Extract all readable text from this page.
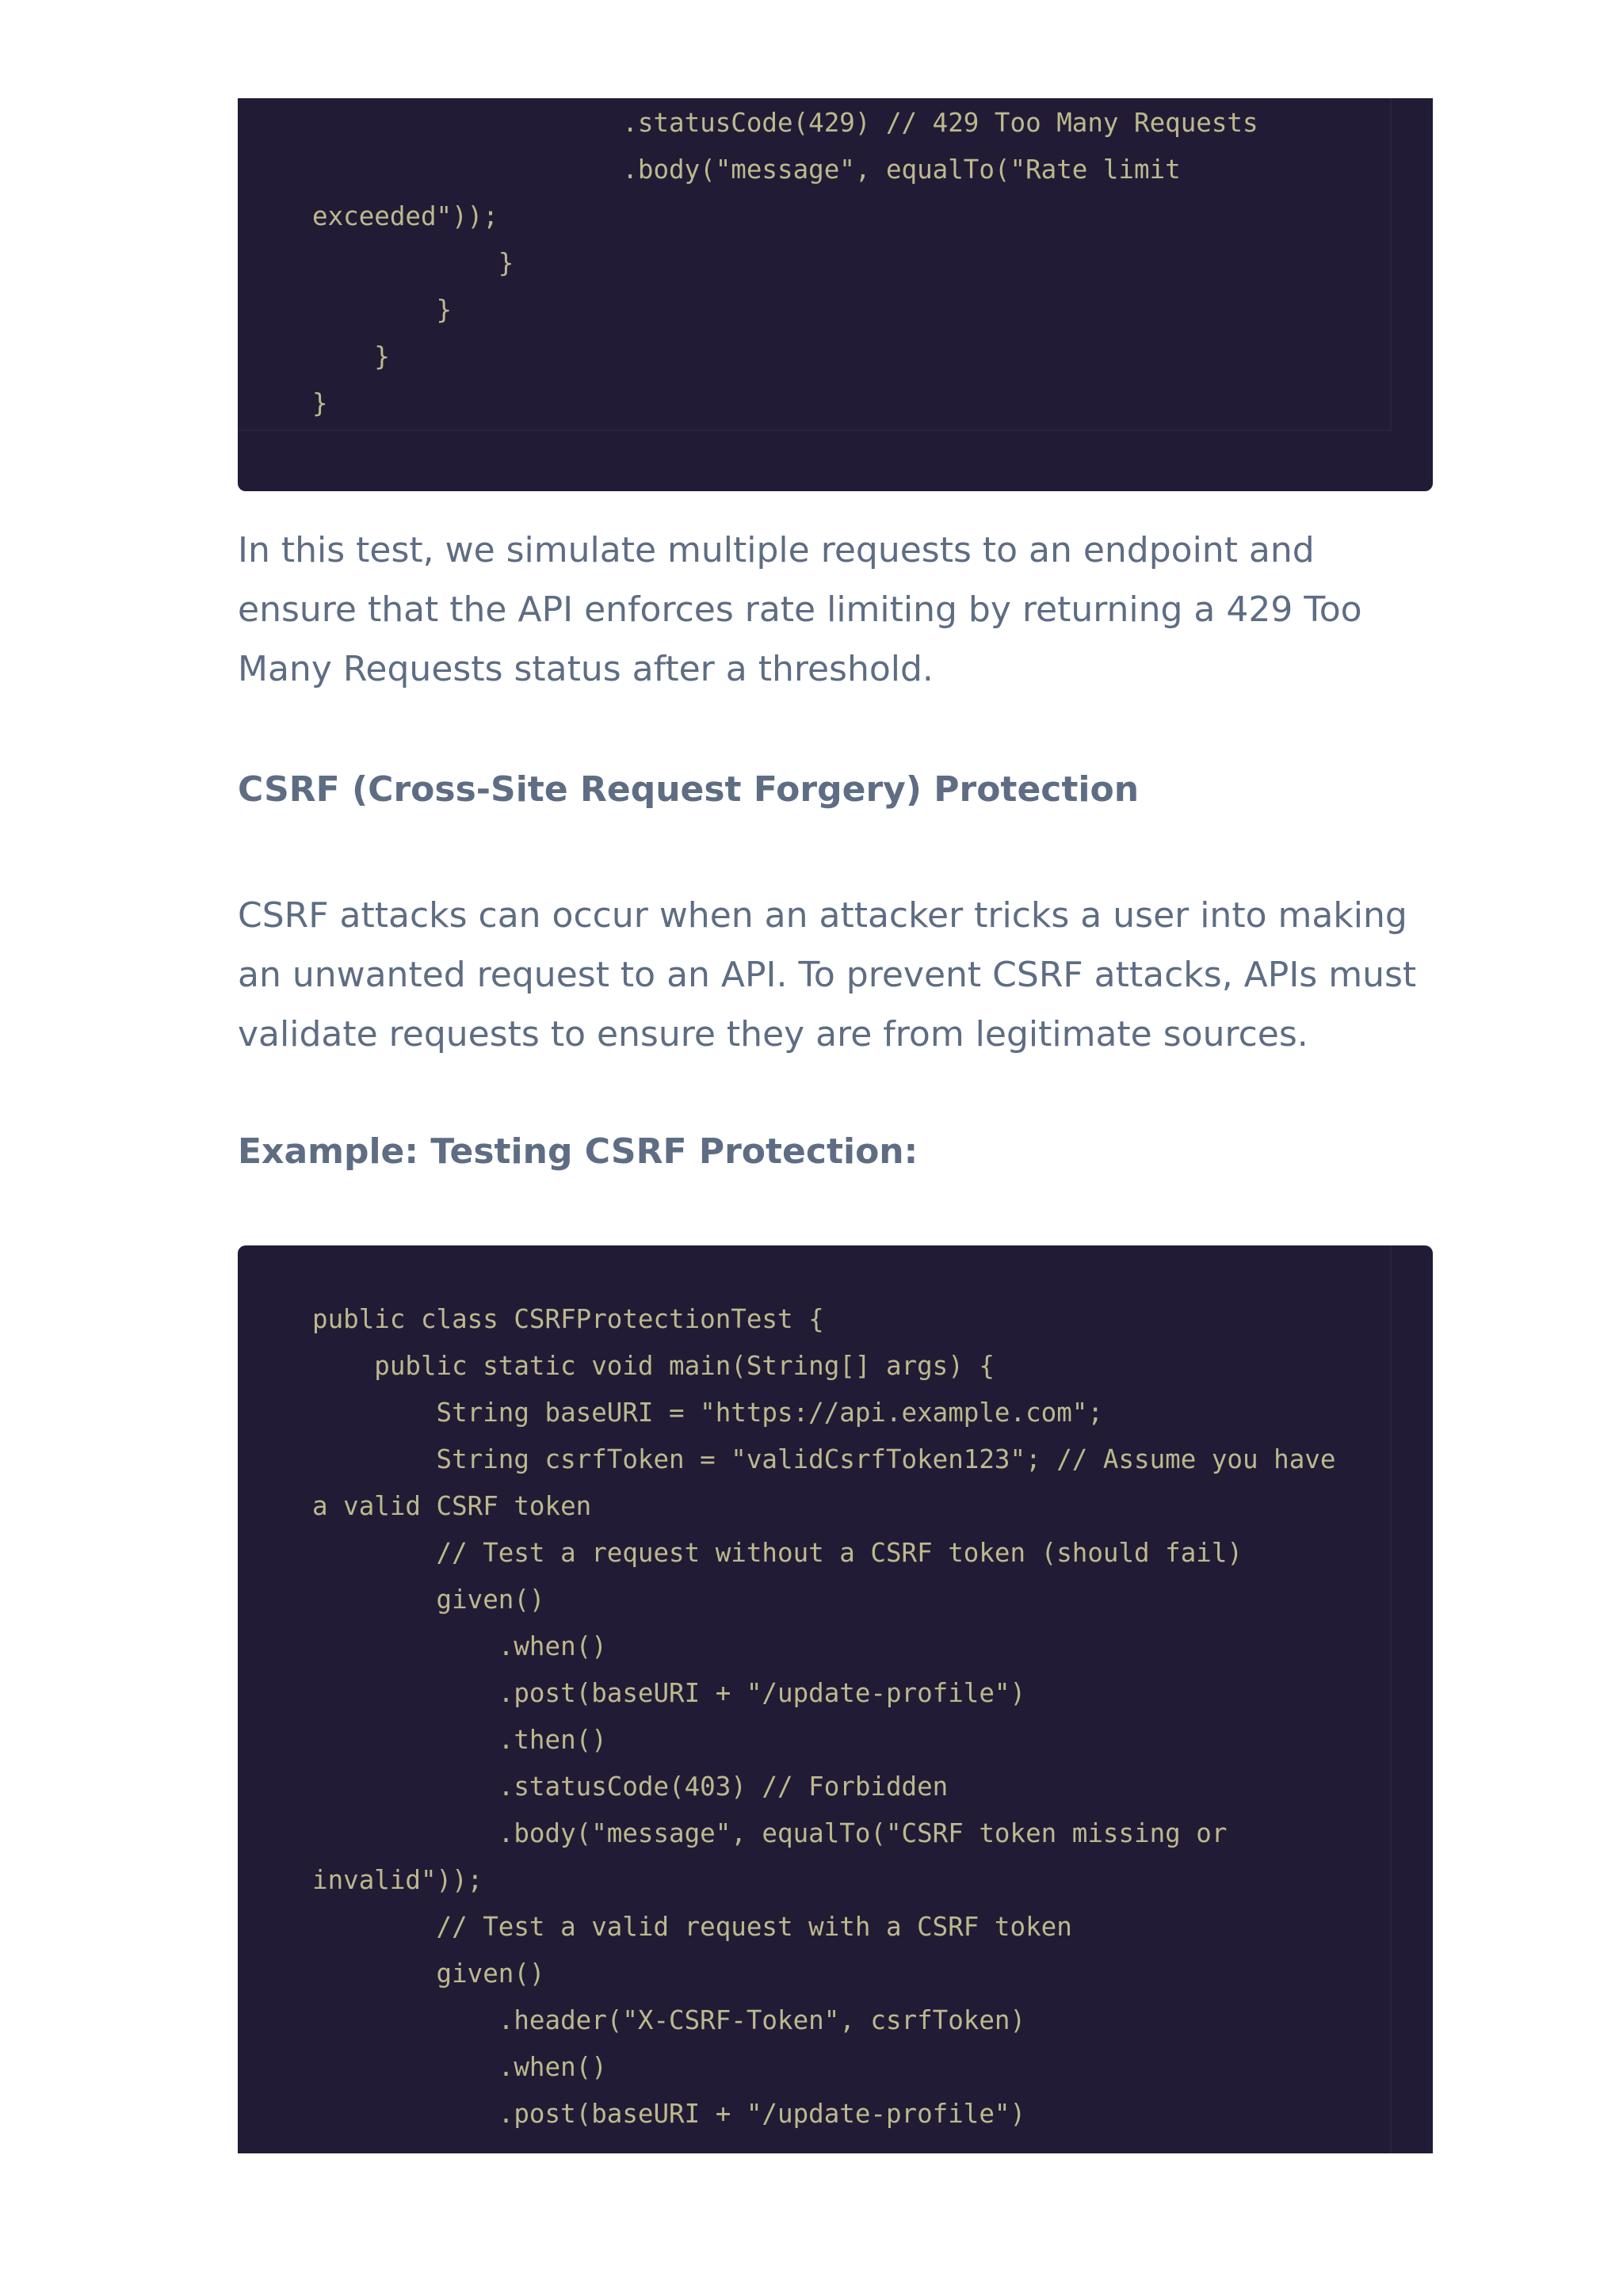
.statusCode(429) // 429 Too Many Requests
.body("message", equalTo("Rate limit
exceeded"));
}
}
}
}

In this test, we simulate multiple requests to an endpoint and ensure that the API enforces rate limiting by returning a 429 Too Many Requests status after a threshold.

CSRF (Cross-Site Request Forgery) Protection

CSRF attacks can occur when an attacker tricks a user into making an unwanted request to an API. To prevent CSRF attacks, APIs must validate requests to ensure they are from legitimate sources.

Example: Testing CSRF Protection:
public class CSRFProtectionTest {
public static void main(String[] args) {
String baseURI = "https://api.example.com";
String csrfToken = "validCsrfToken123"; // Assume you have
a valid CSRF token
// Test a request without a CSRF token (should fail)
given()
.when()
.post(baseURI + "/update-profile")
.then()
.statusCode(403) // Forbidden
.body("message", equalTo("CSRF token missing or
invalid"));
// Test a valid request with a CSRF token
given()
.header("X-CSRF-Token", csrfToken)
.when()
.post(baseURI + "/update-profile")
